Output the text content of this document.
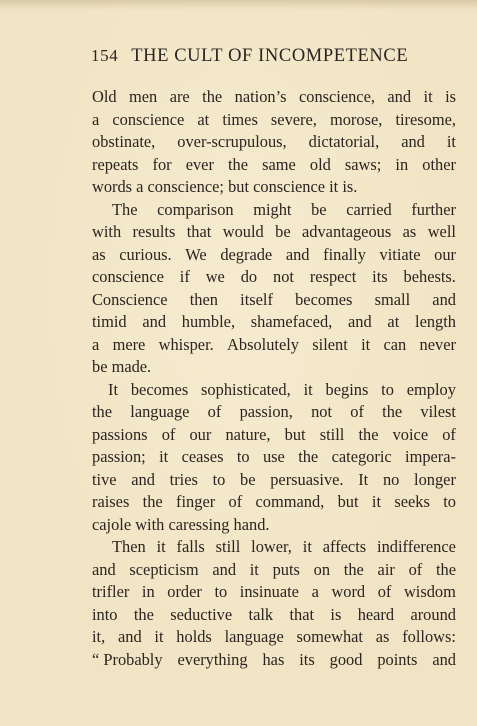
154 THE CULT OF INCOMPETENCE
Old men are the nation’s conscience, and it is
a conscience at times severe, morose, tiresome,
obstinate, over-scrupulous, dictatorial, and it
repeats for ever the same old saws; in other
words a conscience; but conscience it is.
The comparison might be carried further
with results that would be advantageous as well
as curious. We degrade and finally vitiate our
conscience if we do not respect its behests.
Conscience then itself becomes small and
timid and humble, shamefaced, and at length
a mere whisper. Absolutely silent it can never
be made.
It becomes sophisticated, it begins to employ
the language of passion, not of the vilest
passions of our nature, but still the voice of
passion; it ceases to use the categoric impera-
tive and tries to be persuasive. It no longer
raises the finger of command, but it seeks to
cajole with caressing hand.
Then it falls still lower, it affects indifference
and scepticism and it puts on the air of the
trifler in order to insinuate a word of wisdom
into the seductive talk that is heard around
it, and it holds language somewhat as follows:
“ Probably everything has its good points and
